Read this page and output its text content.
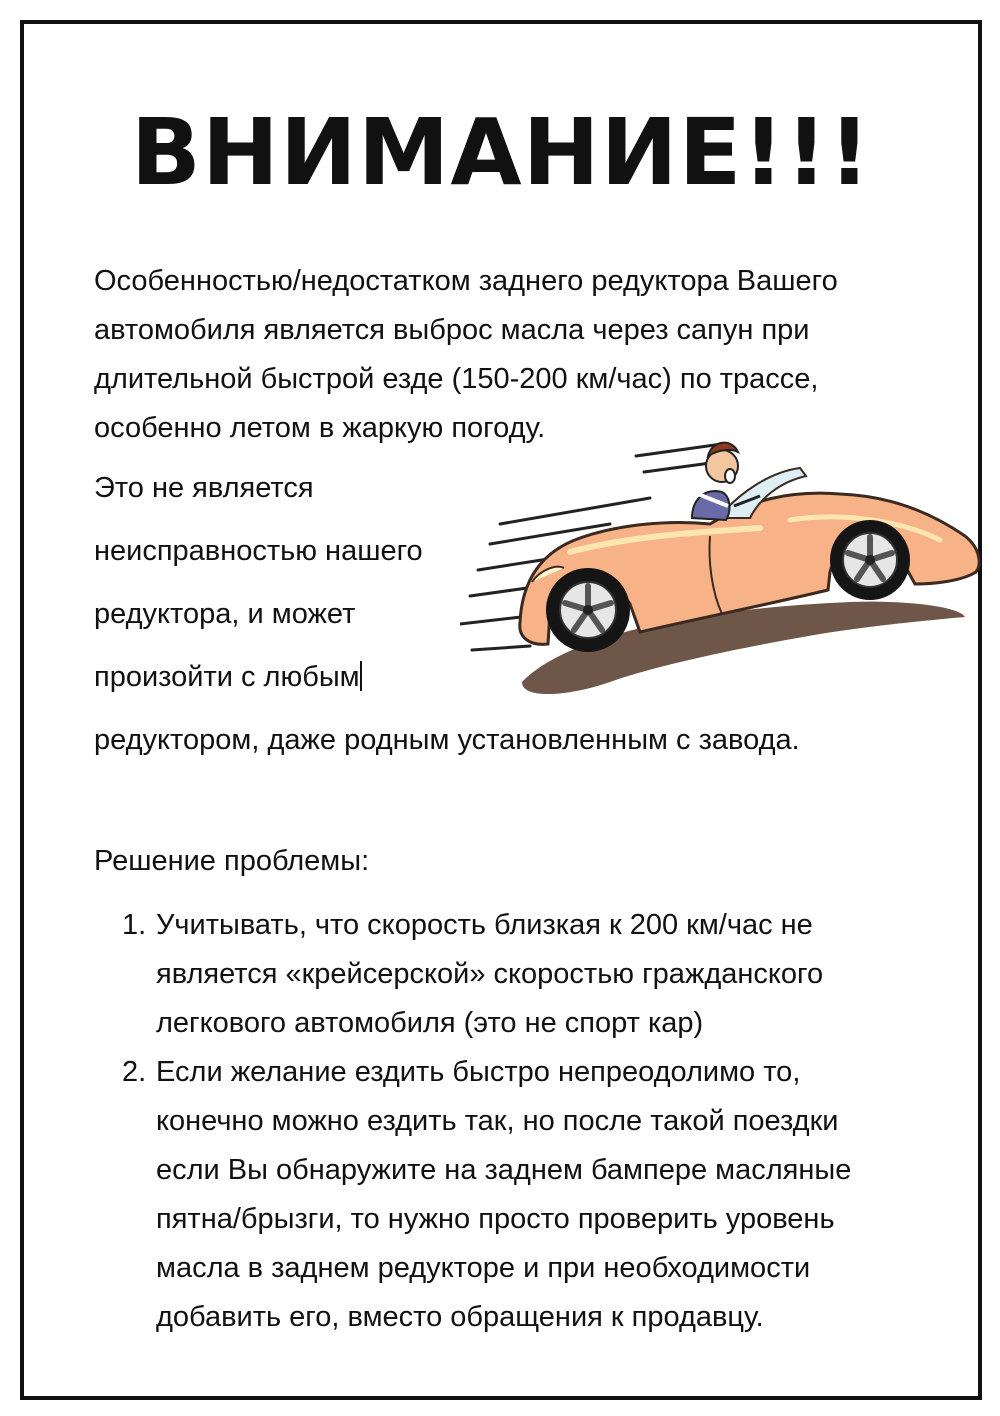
ВНИМАНИЕ!!!

Особенностью/недостатком заднего редуктора Вашего
автомобиля является выброс масла через сапун при
длительной быстрой езде (150-200 км/час) по трассе,
особенно летом в жаркую погоду.

Это не является

неисправностью нашего

редуктора, и может

произойти с любым

редуктором, даже родным установленным с завода.

Решение проблемы:

1. Учитывать, что скорость близкая к 200 км/час не
является «крейсерской» скоростью гражданского
легкового автомобиля (это не спорт кар)
2. Если желание ездить быстро непреодолимо то,
конечно можно ездить так, но после такой поездки
если Вы обнаружите на заднем бампере масляные
пятна/брызги, то нужно просто проверить уровень
масла в заднем редукторе и при необходимости
добавить его, вместо обращения к продавцу.
